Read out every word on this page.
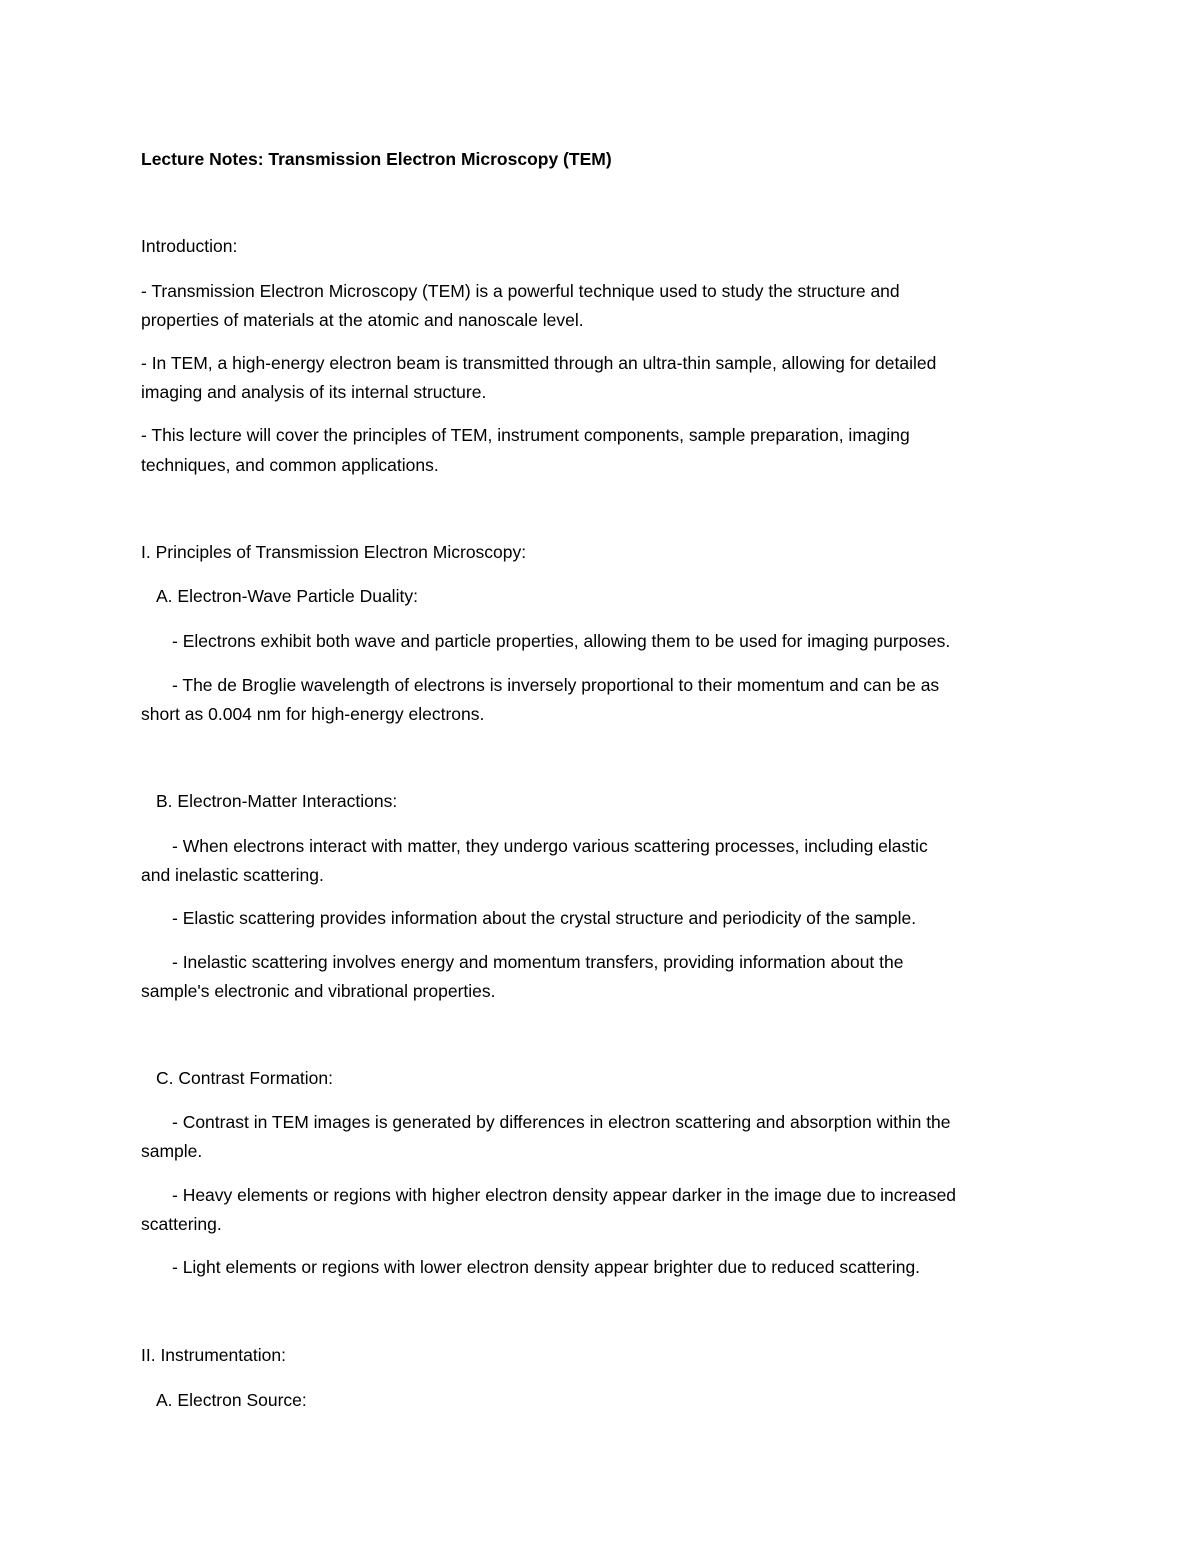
Lecture Notes: Transmission Electron Microscopy (TEM)

Introduction:

- Transmission Electron Microscopy (TEM) is a powerful technique used to study the structure and

properties of materials at the atomic and nanoscale level.

- In TEM, a high-energy electron beam is transmitted through an ultra-thin sample, allowing for detailed

imaging and analysis of its internal structure.

- This lecture will cover the principles of TEM, instrument components, sample preparation, imaging

techniques, and common applications.

I. Principles of Transmission Electron Microscopy:

A. Electron-Wave Particle Duality:

- Electrons exhibit both wave and particle properties, allowing them to be used for imaging purposes.

- The de Broglie wavelength of electrons is inversely proportional to their momentum and can be as

short as 0.004 nm for high-energy electrons.

B. Electron-Matter Interactions:

- When electrons interact with matter, they undergo various scattering processes, including elastic

and inelastic scattering.

- Elastic scattering provides information about the crystal structure and periodicity of the sample.

- Inelastic scattering involves energy and momentum transfers, providing information about the

sample's electronic and vibrational properties.

C. Contrast Formation:

- Contrast in TEM images is generated by differences in electron scattering and absorption within the

sample.

- Heavy elements or regions with higher electron density appear darker in the image due to increased

scattering.

- Light elements or regions with lower electron density appear brighter due to reduced scattering.

II. Instrumentation:

A. Electron Source:
